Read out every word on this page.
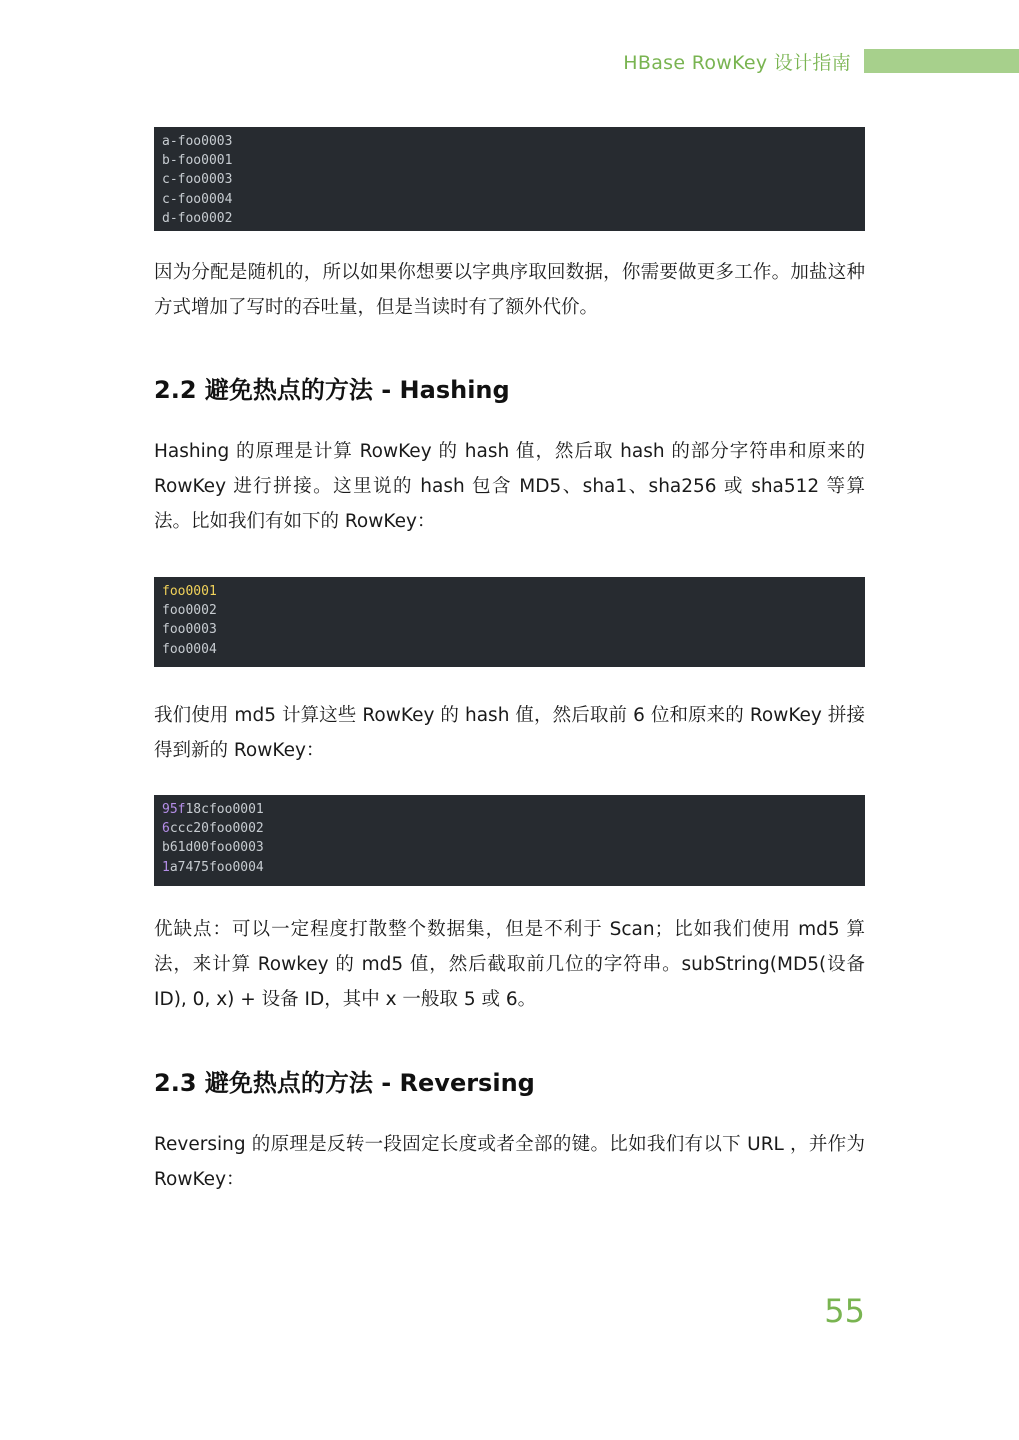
HBase RowKey 设计指南
a-foo0003
b-foo0001
c-foo0003
c-foo0004
d-foo0002

因为分配是随机的，所以如果你想要以字典序取回数据，你需要做更多工作。加盐这种方式增加了写时的吞吐量，但是当读时有了额外代价。

2.2 避免热点的方法 - Hashing

Hashing 的原理是计算 RowKey 的 hash 值，然后取 hash 的部分字符串和原来的 RowKey 进行拼接。这里说的 hash 包含 MD5、sha1、sha256 或 sha512 等算法。比如我们有如下的 RowKey：

foo0001
foo0002
foo0003
foo0004

我们使用 md5 计算这些 RowKey 的 hash 值，然后取前 6 位和原来的 RowKey 拼接得到新的 RowKey：

95f18cfoo0001
6ccc20foo0002
b61d00foo0003
1a7475foo0004

优缺点：可以一定程度打散整个数据集，但是不利于 Scan；比如我们使用 md5 算法，来计算 Rowkey 的 md5 值，然后截取前几位的字符串。subString(MD5(设备 ID), 0, x) + 设备 ID，其中 x 一般取 5 或 6。

2.3 避免热点的方法 - Reversing

Reversing 的原理是反转一段固定长度或者全部的键。比如我们有以下 URL ，并作为 RowKey：

55
